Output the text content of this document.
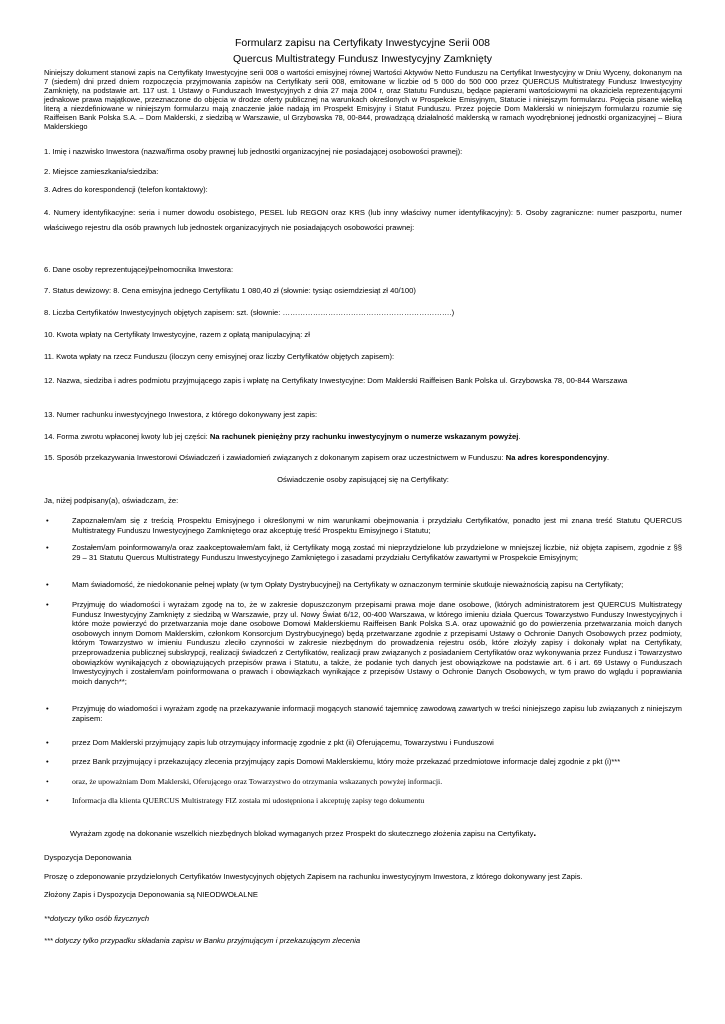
Formularz zapisu na Certyfikaty Inwestycyjne Serii 008
Quercus Multistrategy Fundusz Inwestycyjny Zamknięty
Niniejszy dokument stanowi zapis na Certyfikaty Inwestycyjne serii 008 o wartości emisyjnej równej Wartości Aktywów Netto Funduszu na Certyfikat Inwestycyjny w Dniu Wyceny, dokonanym na 7 (siedem) dni przed dniem rozpoczęcia przyjmowania zapisów na Certyfikaty serii 008, emitowane w liczbie od 5 000 do 500 000 przez QUERCUS Multistrategy Fundusz Inwestycyjny Zamknięty, na podstawie art. 117 ust. 1 Ustawy o Funduszach Inwestycyjnych z dnia 27 maja 2004 r, oraz Statutu Funduszu, będące papierami wartościowymi na okaziciela reprezentującymi jednakowe prawa majątkowe, przeznaczone do objęcia w drodze oferty publicznej na warunkach określonych w Prospekcie Emisyjnym, Statucie i niniejszym formularzu. Pojęcia pisane wielką literą a niezdefiniowane w niniejszym formularzu mają znaczenie jakie nadają im Prospekt Emisyjny i Statut Funduszu. Przez pojęcie Dom Maklerski w niniejszym formularzu rozumie się Raiffeisen Bank Polska S.A. – Dom Maklerski, z siedzibą w Warszawie, ul Grzybowska 78, 00-844, prowadzącą działalność maklerską w ramach wyodrębnionej jednostki organizacyjnej – Biura Maklerskiego
1. Imię i nazwisko Inwestora (nazwa/firma osoby prawnej lub jednostki organizacyjnej nie posiadającej osobowości prawnej):
2. Miejsce zamieszkania/siedziba:
3. Adres do korespondencji (telefon kontaktowy):
4. Numery identyfikacyjne: seria i numer dowodu osobistego, PESEL lub REGON oraz KRS (lub inny właściwy numer identyfikacyjny): 5. Osoby zagraniczne: numer paszportu, numer właściwego rejestru dla osób prawnych lub jednostek organizacyjnych nie posiadających osobowości prawnej:
6. Dane osoby reprezentującej/pełnomocnika Inwestora:
7. Status dewizowy: 8. Cena emisyjna jednego Certyfikatu 1 080,40 zł (słownie: tysiąc osiemdziesiąt zł 40/100)
8. Liczba Certyfikatów Inwestycyjnych objętych zapisem: szt. (słownie: ………………………………………………………….)
10. Kwota wpłaty na Certyfikaty Inwestycyjne, razem z opłatą manipulacyjną: zł
11. Kwota wpłaty na rzecz Funduszu (iloczyn ceny emisyjnej oraz liczby Certyfikatów objętych zapisem):
12. Nazwa, siedziba i adres podmiotu przyjmującego zapis i wpłatę na Certyfikaty Inwestycyjne: Dom Maklerski Raiffeisen Bank Polska ul. Grzybowska 78, 00-844 Warszawa
13. Numer rachunku inwestycyjnego Inwestora, z którego dokonywany jest zapis:
14. Forma zwrotu wpłaconej kwoty lub jej części: Na rachunek pieniężny przy rachunku inwestycyjnym o numerze wskazanym powyżej.
15. Sposób przekazywania Inwestorowi Oświadczeń i zawiadomień związanych z dokonanym zapisem oraz uczestnictwem w Funduszu: Na adres korespondencyjny.
Oświadczenie osoby zapisującej się na Certyfikaty:
Ja, niżej podpisany(a), oświadczam, że:
•	Zapoznałem/am się z treścią Prospektu Emisyjnego i określonymi w nim warunkami obejmowania i przydziału Certyfikatów, ponadto jest mi znana treść Statutu QUERCUS Multistrategy Funduszu Inwestycyjnego Zamkniętego oraz akceptuję treść Prospektu Emisyjnego i Statutu;
•	Zostałem/am poinformowany/a oraz zaakceptowałem/am fakt, iż Certyfikaty mogą zostać mi nieprzydzielone lub przydzielone w mniejszej liczbie, niż objęta zapisem, zgodnie z §§ 29 – 31 Statutu Quercus Multistrategy Funduszu Inwestycyjnego Zamkniętego i zasadami przydziału Certyfikatów zawartymi w Prospekcie Emisyjnym;
•	Mam świadomość, że niedokonanie pełnej wpłaty (w tym Opłaty Dystrybucyjnej) na Certyfikaty w oznaczonym terminie skutkuje nieważnością zapisu na Certyfikaty;
•	Przyjmuję do wiadomości i wyrażam zgodę na to, że w zakresie dopuszczonym przepisami prawa moje dane osobowe, (których administratorem jest QUERCUS Multistrategy Fundusz Inwestycyjny Zamknięty z siedzibą w Warszawie, przy ul. Nowy Świat 6/12, 00-400 Warszawa, w którego imieniu działa Quercus Towarzystwo Funduszy Inwestycyjnych i które może powierzyć do przetwarzania moje dane osobowe Domowi Maklerskiemu Raiffeisen Bank Polska S.A. oraz upoważnić go do powierzenia przetwarzania moich danych osobowych innym Domom Maklerskim, członkom Konsorcjum Dystrybucyjnego) będą przetwarzane zgodnie z przepisami Ustawy o Ochronie Danych Osobowych przez podmioty, którym Towarzystwo w imieniu Funduszu zleciło czynności w zakresie niezbędnym do prowadzenia rejestru osób, które złożyły zapisy i dokonały wpłat na Certyfikaty, przeprowadzenia publicznej subskrypcji, realizacji świadczeń z Certyfikatów, realizacji praw związanych z posiadaniem Certyfikatów oraz wykonywania przez Fundusz i Towarzystwo obowiązków wynikających z obowiązujących przepisów prawa i Statutu, a także, że podanie tych danych jest obowiązkowe na podstawie art. 6 i art. 69 Ustawy o Funduszach Inwestycyjnych i zostałem/am poinformowana o prawach i obowiązkach wynikające z przepisów Ustawy o Ochronie Danych Osobowych, w tym prawo do wglądu i poprawiania moich danych**;
•	Przyjmuję do wiadomości i wyrażam zgodę na przekazywanie informacji mogących stanowić tajemnicę zawodową zawartych w treści niniejszego zapisu lub związanych z niniejszym zapisem:
•	przez Dom Maklerski przyjmujący zapis lub otrzymujący informację zgodnie z pkt (ii) Oferującemu, Towarzystwu i Funduszowi
•	przez Bank przyjmujący i przekazujący zlecenia przyjmujący zapis Domowi Maklerskiemu, który może przekazać przedmiotowe informacje dalej zgodnie z pkt (i)***
•	oraz, że upoważniam Dom Maklerski, Oferującego oraz Towarzystwo do otrzymania wskazanych powyżej informacji.
•	Informacja dla klienta QUERCUS Multistrategy FIZ została mi udostępniona i akceptuję zapisy tego dokumentu
Wyrażam zgodę na dokonanie wszelkich niezbędnych blokad wymaganych przez Prospekt do skutecznego złożenia zapisu na Certyfikaty.
Dyspozycja Deponowania
Proszę o zdeponowanie przydzielonych Certyfikatów Inwestycyjnych objętych Zapisem na rachunku inwestycyjnym Inwestora, z którego dokonywany jest Zapis.
Złożony Zapis i Dyspozycja Deponowania są NIEODWOŁALNE
**dotyczy tylko osób fizycznych
*** dotyczy tylko przypadku składania zapisu w Banku przyjmującym i przekazującym zlecenia
